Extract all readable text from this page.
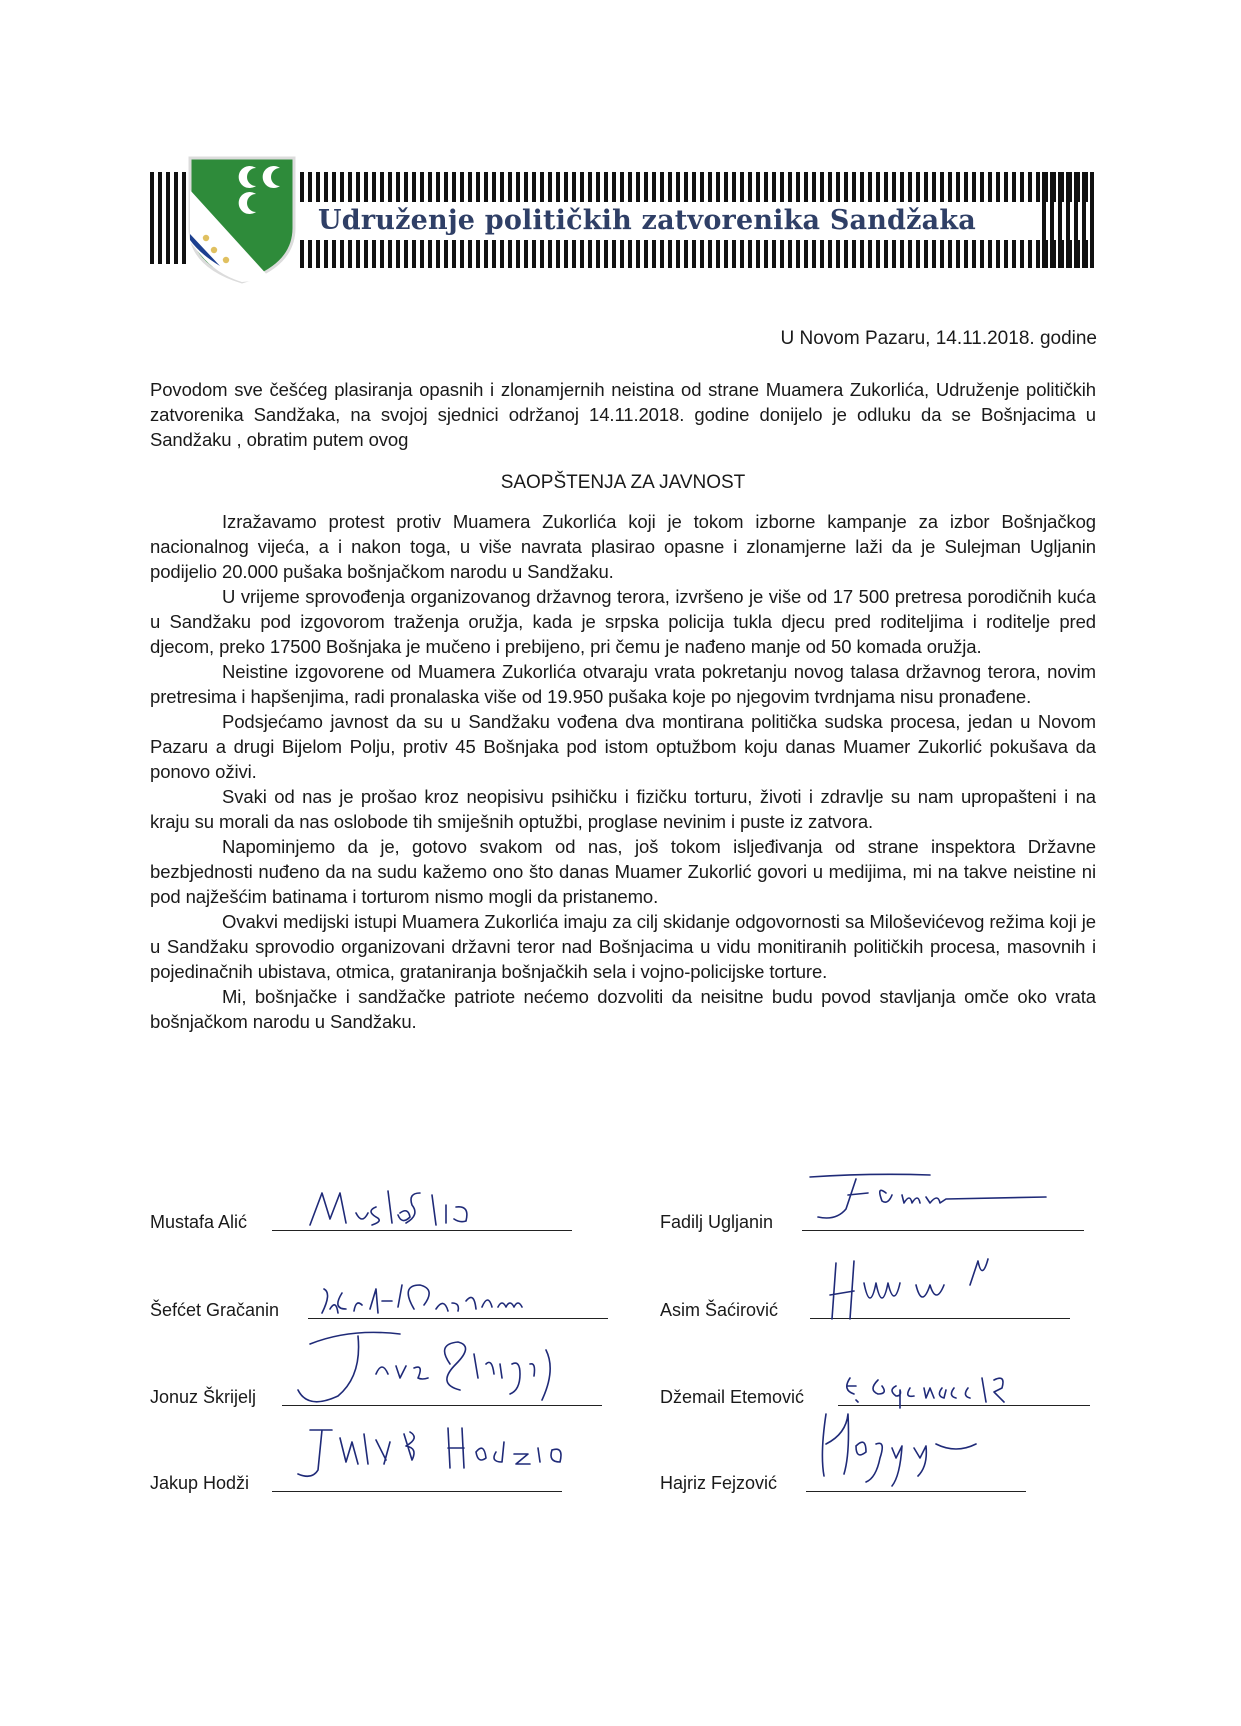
Udruženje političkih zatvorenika Sandžaka
U Novom Pazaru, 14.11.2018. godine
Povodom sve češćeg plasiranja opasnih i zlonamjernih neistina od strane Muamera Zukorlića, Udruženje političkih zatvorenika Sandžaka, na svojoj sjednici održanoj 14.11.2018. godine donijelo je odluku da se Bošnjacima u Sandžaku , obratim putem ovog
SAOPŠTENJA ZA JAVNOST

Izražavamo protest protiv Muamera Zukorlića koji je tokom izborne kampanje za izbor Bošnjačkog nacionalnog vijeća, a i nakon toga, u više navrata plasirao opasne i zlonamjerne laži da je Sulejman Ugljanin podijelio 20.000 pušaka bošnjačkom narodu u Sandžaku.

U vrijeme sprovođenja organizovanog državnog terora, izvršeno je više od 17 500 pretresa porodičnih kuća u Sandžaku pod izgovorom traženja oružja, kada je srpska policija tukla djecu pred roditeljima i roditelje pred djecom, preko 17500 Bošnjaka je mučeno i prebijeno, pri čemu je nađeno manje od 50 komada oružja.

Neistine izgovorene od Muamera Zukorlića otvaraju vrata pokretanju novog talasa državnog terora, novim pretresima i hapšenjima, radi pronalaska više od 19.950 pušaka koje po njegovim tvrdnjama nisu pronađene.

Podsjećamo javnost da su u Sandžaku vođena dva montirana politička sudska procesa, jedan u Novom Pazaru a drugi Bijelom Polju, protiv 45 Bošnjaka pod istom optužbom koju danas Muamer Zukorlić pokušava da ponovo oživi.

Svaki od nas je prošao kroz neopisivu psihičku i fizičku torturu, životi i zdravlje su nam upropašteni i na kraju su morali da nas oslobode tih smiješnih optužbi, proglase nevinim i puste iz zatvora.

Napominjemo da je, gotovo svakom od nas, još tokom isljeđivanja od strane inspektora Državne bezbjednosti nuđeno da na sudu kažemo ono što danas Muamer Zukorlić govori u medijima, mi na takve neistine ni pod najžešćim batinama i torturom nismo mogli da pristanemo.

Ovakvi medijski istupi Muamera Zukorlića imaju za cilj skidanje odgovornosti sa Miloševićevog režima koji je u Sandžaku sprovodio organizovani državni teror nad Bošnjacima u vidu monitiranih političkih procesa, masovnih i pojedinačnih ubistava, otmica, grataniranja bošnjačkih sela i vojno-policijske torture.

Mi, bošnjačke i sandžačke patriote nećemo dozvoliti da neisitne budu povod stavljanja omče oko vrata bošnjačkom narodu u Sandžaku.

Mustafa Alić
Šefćet Gračanin
Jonuz Škrijelj
Jakup Hodži
Fadilj Ugljanin
Asim Šaćirović
Džemail Etemović
Hajriz Fejzović
